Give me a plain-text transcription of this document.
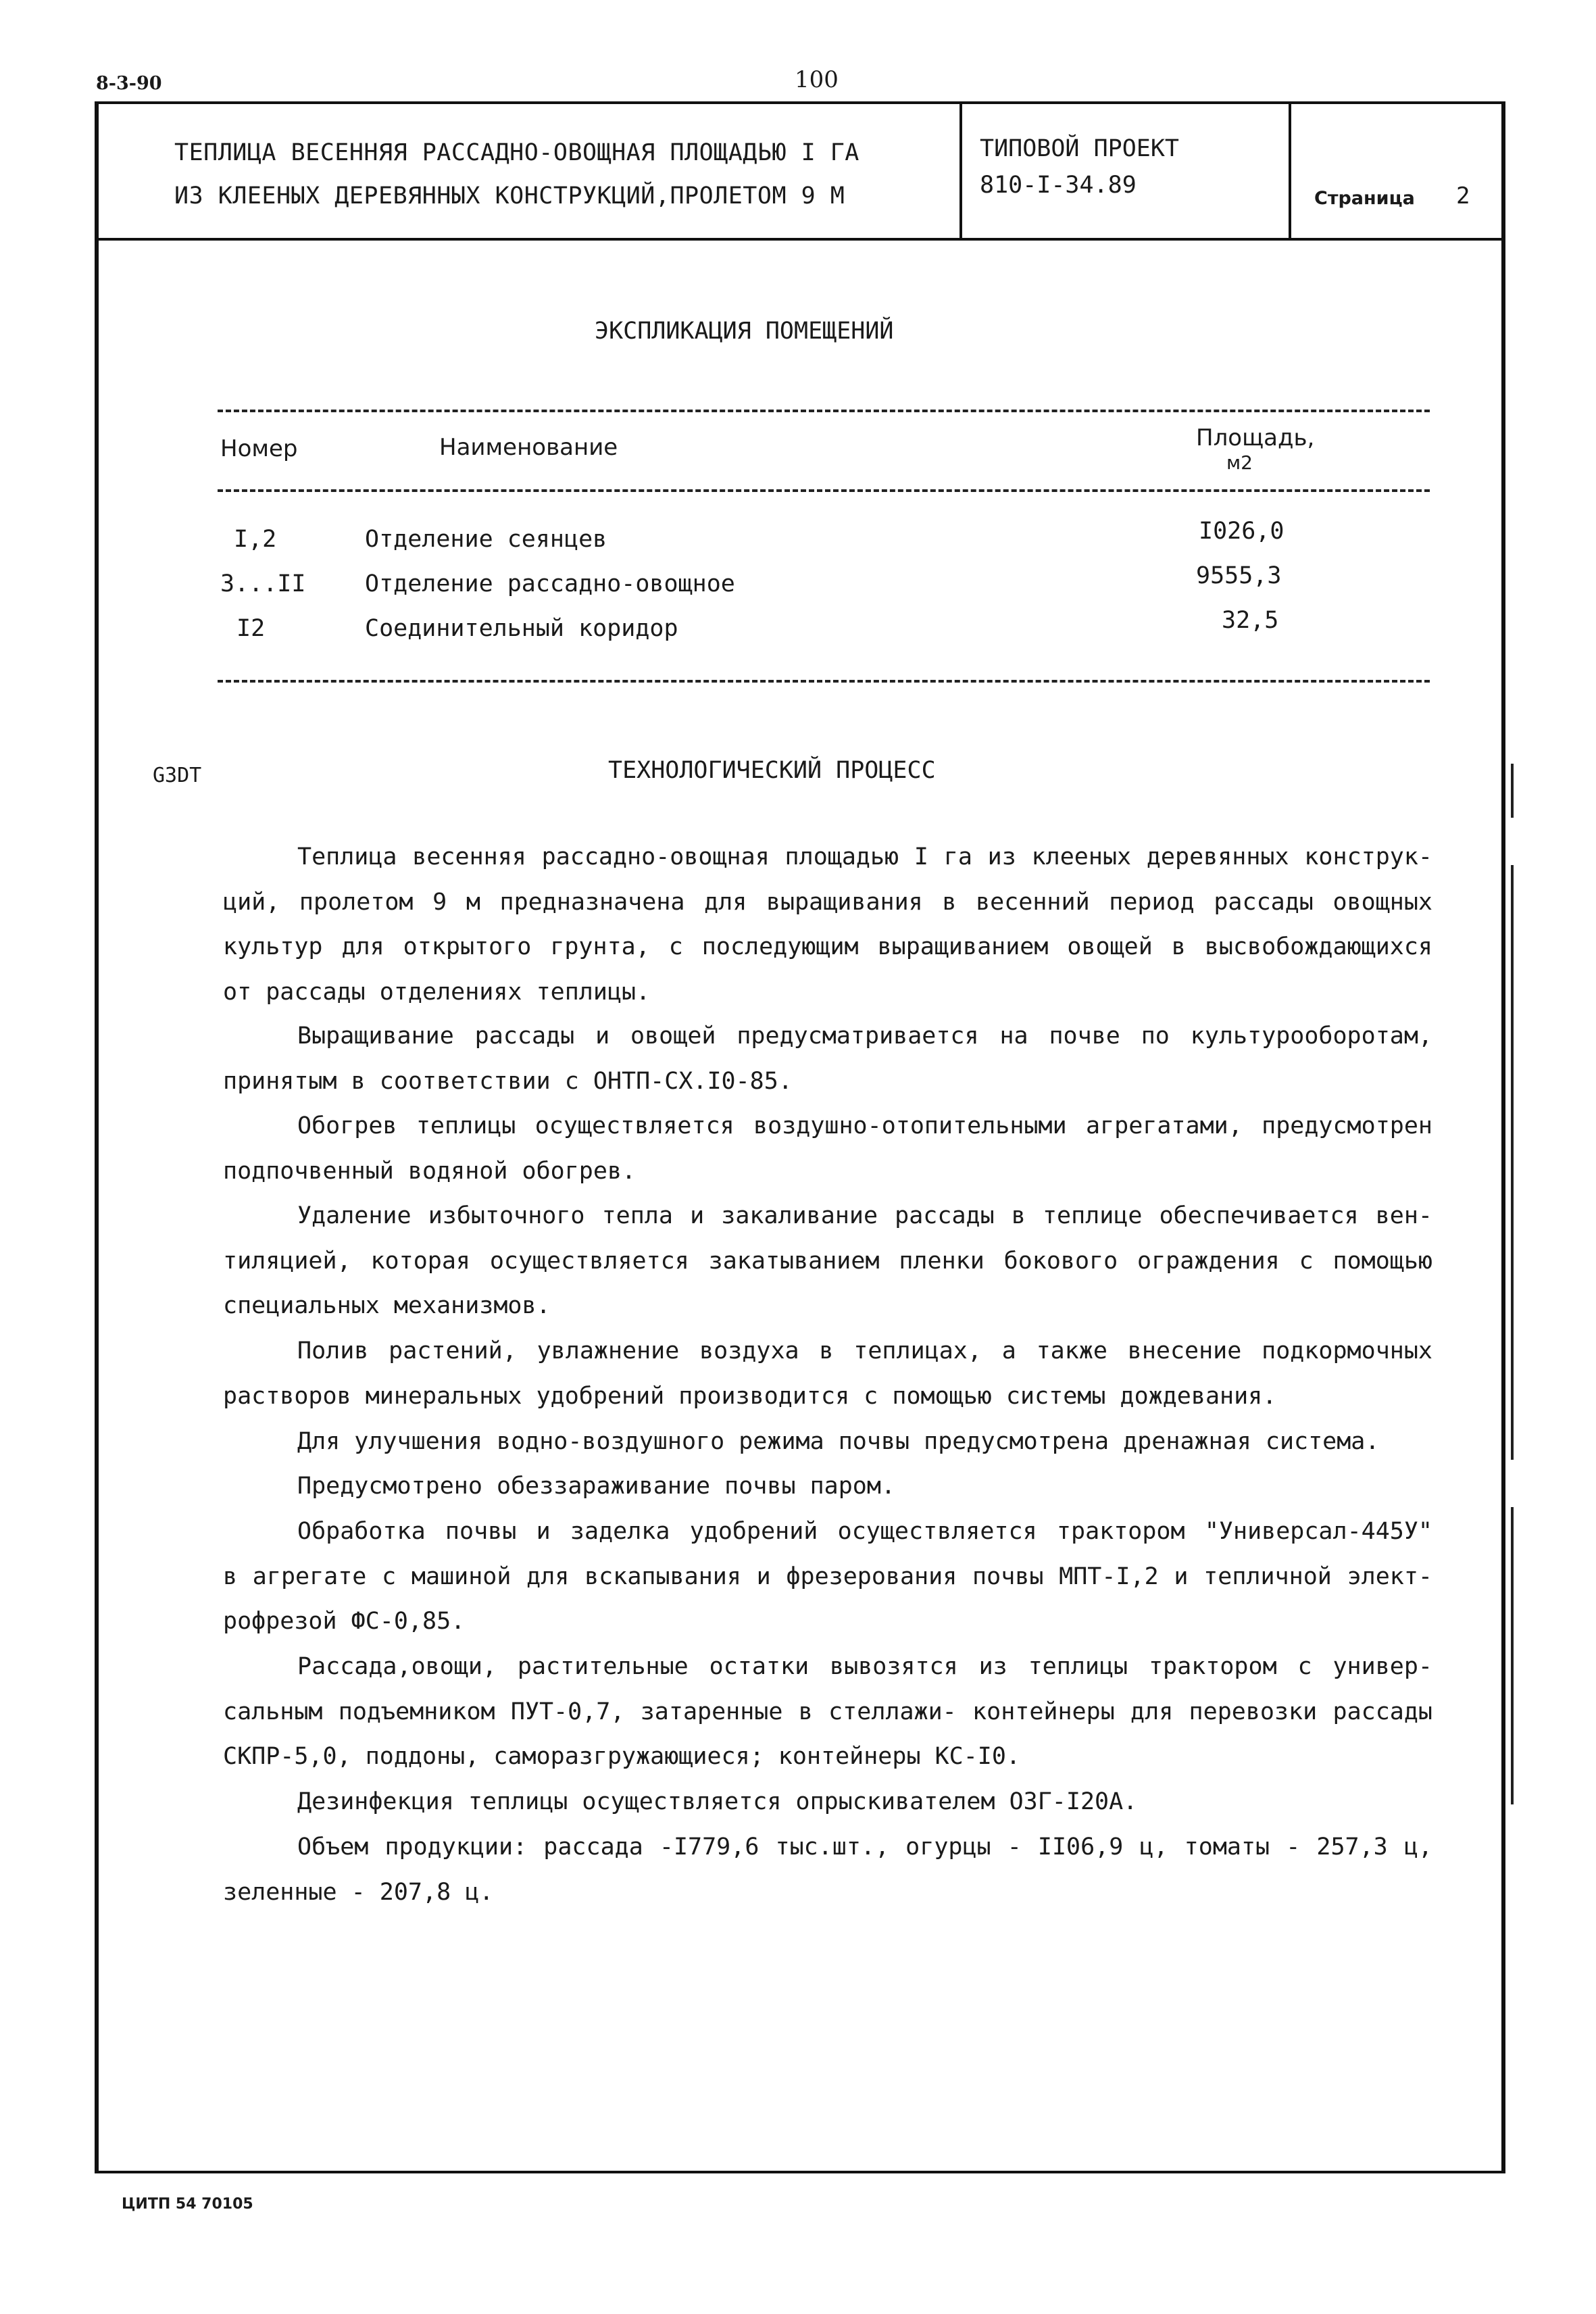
8-3-90	100
ТЕПЛИЦА ВЕСЕННЯЯ РАССАДНО-ОВОЩНАЯ ПЛОЩАДЬЮ I ГА
ИЗ КЛЕЕНЫХ ДЕРЕВЯННЫХ КОНСТРУКЦИЙ,ПРОЛЕТОМ 9 М
ТИПОВОЙ ПРОЕКТ
810-I-34.89	Страница 2
ЭКСПЛИКАЦИЯ ПОМЕЩЕНИЙ
Номер	Наименование	Площадь,
м2
I,2	Отделение сеянцев	I026,0
3...II	Отделение рассадно-овощное	9555,3
I2	Соединительный коридор	32,5
G3DT	ТЕХНОЛОГИЧЕСКИЙ ПРОЦЕСС
Теплица весенняя рассадно-овощная площадью I га из клееных деревянных конструк-
ций, пролетом 9 м предназначена для выращивания в весенний период рассады овощных
культур для открытого грунта, с последующим выращиванием овощей в высвобождающихся
от рассады отделениях теплицы.
Выращивание рассады и овощей предусматривается на почве по культурооборотам,
принятым в соответствии с ОНТП-СХ.I0-85.
Обогрев теплицы осуществляется воздушно-отопительными агрегатами, предусмотрен
подпочвенный водяной обогрев.
Удаление избыточного тепла и закаливание рассады в теплице обеспечивается вен-
тиляцией, которая осуществляется закатыванием пленки бокового ограждения с помощью
специальных механизмов.
Полив растений, увлажнение воздуха в теплицах, а также внесение подкормочных
растворов минеральных удобрений производится с помощью системы дождевания.
Для улучшения водно-воздушного режима почвы предусмотрена дренажная система.
Предусмотрено обеззараживание почвы паром.
Обработка почвы и заделка удобрений осуществляется трактором "Универсал-445У"
в агрегате с машиной для вскапывания и фрезерования почвы МПТ-I,2 и тепличной элект-
рофрезой ФС-0,85.
Рассада,овощи, растительные остатки вывозятся из теплицы трактором с универ-
сальным подъемником ПУТ-0,7, затаренные в стеллажи- контейнеры для перевозки рассады
СКПР-5,0, поддоны, саморазгружающиеся; контейнеры КС-I0.
Дезинфекция теплицы осуществляется опрыскивателем ОЗГ-I20А.
Объем продукции: рассада -I779,6 тыс.шт., огурцы - II06,9 ц, томаты - 257,3 ц,
зеленные - 207,8 ц.
ЦИТП 54 70105
